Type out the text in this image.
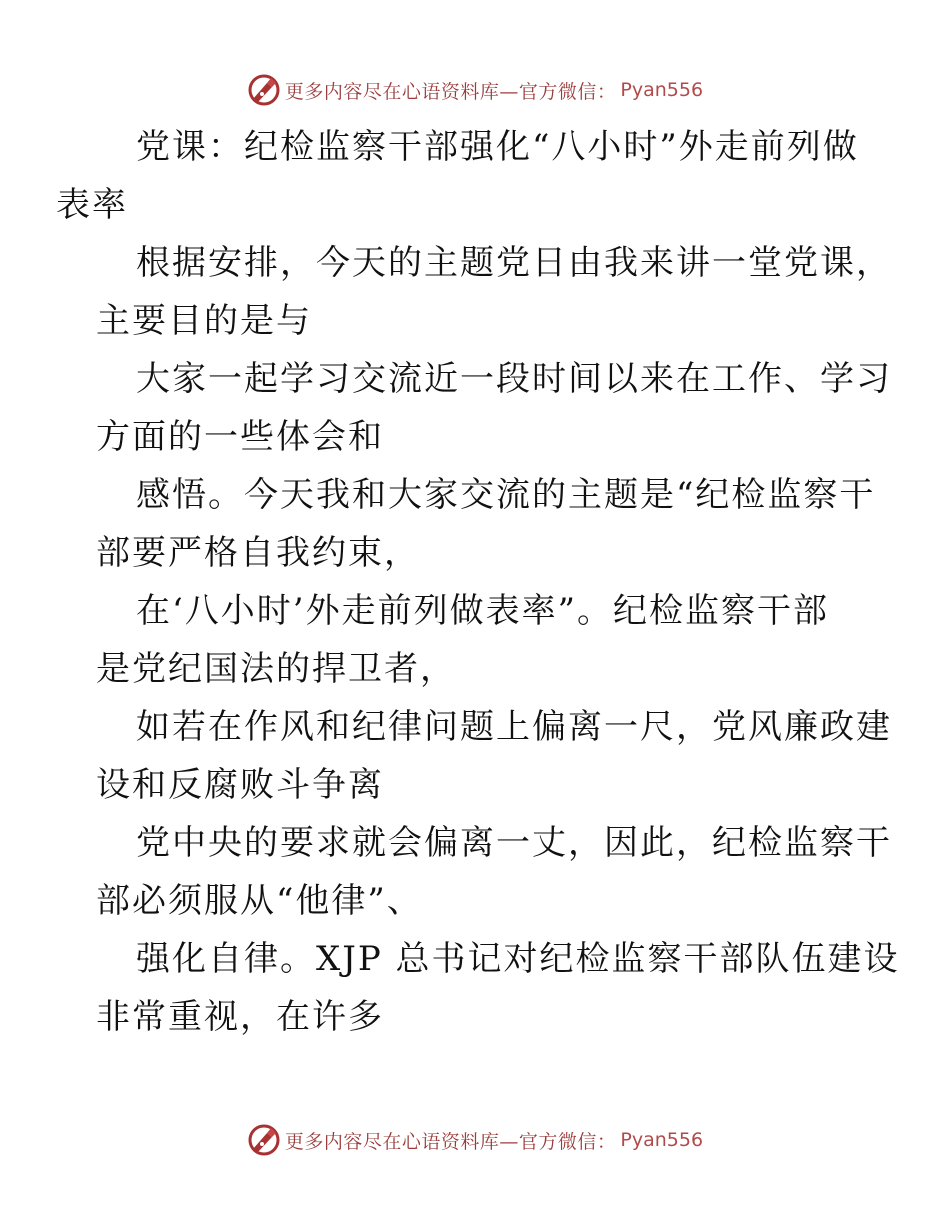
更多内容尽在心语资料库—官方微信： Pyan556

党课：纪检监察干部强化“八小时”外走前列做
表率

根据安排，今天的主题党日由我来讲一堂党课，
主要目的是与

大家一起学习交流近一段时间以来在工作、学习
方面的一些体会和

感悟。今天我和大家交流的主题是“纪检监察干
部要严格自我约束，

在‘八小时’外走前列做表率”。纪检监察干部
是党纪国法的捍卫者，

如若在作风和纪律问题上偏离一尺，党风廉政建
设和反腐败斗争离

党中央的要求就会偏离一丈，因此，纪检监察干
部必须服从“他律”、

强化自律。XJP 总书记对纪检监察干部队伍建设
非常重视，在许多

更多内容尽在心语资料库—官方微信： Pyan556
